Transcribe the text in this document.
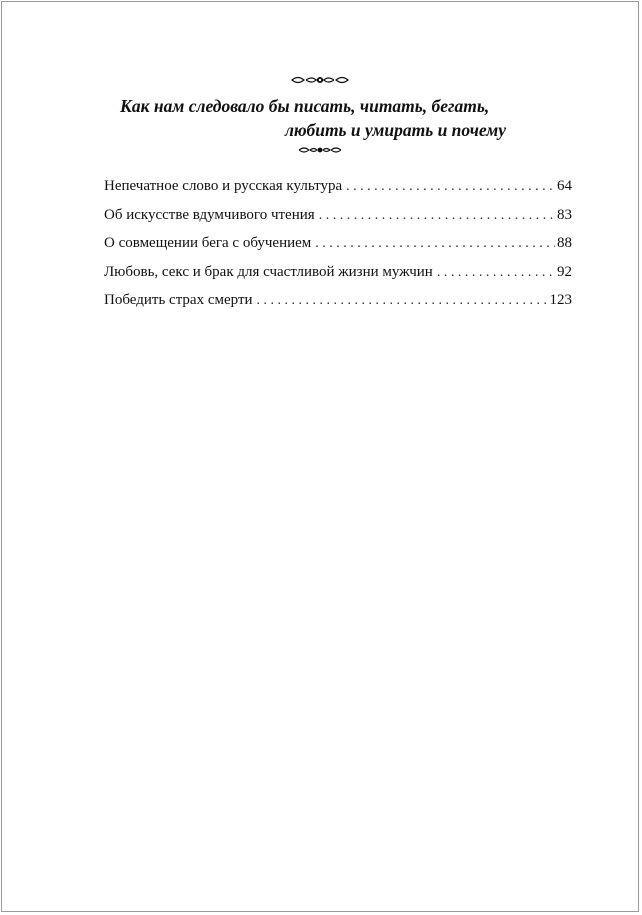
Как нам следовало бы писать, читать, бегать,
любить и умирать и почему
Непечатное слово и русская культура . . .	64
Об искусстве вдумчивого чтения . . .	83
О совмещении бега с обучением . . .	88
Любовь, секс и брак для счастливой жизни мужчин . . .	92
Победить страх смерти . . .	123
